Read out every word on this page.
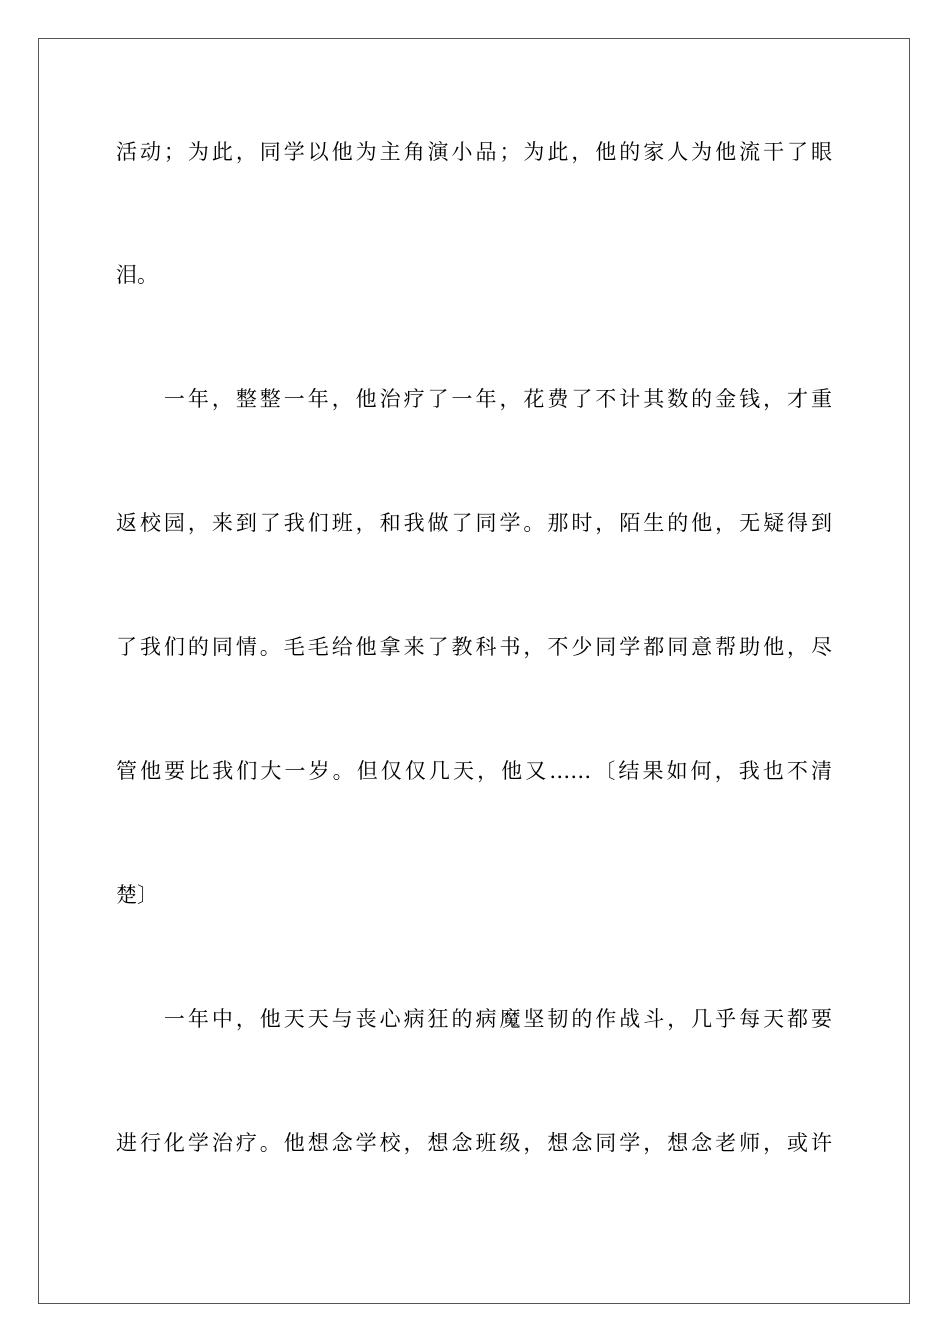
活动；为此，同学以他为主角演小品；为此，他的家人为他流干了眼
泪。
　　一年，整整一年，他治疗了一年，花费了不计其数的金钱，才重
返校园，来到了我们班，和我做了同学。那时，陌生的他，无疑得到
了我们的同情。毛毛给他拿来了教科书，不少同学都同意帮助他，尽
管他要比我们大一岁。但仅仅几天，他又……〔结果如何，我也不清
楚〕
　　一年中，他天天与丧心病狂的病魔坚韧的作战斗，几乎每天都要
进行化学治疗。他想念学校，想念班级，想念同学，想念老师，或许
